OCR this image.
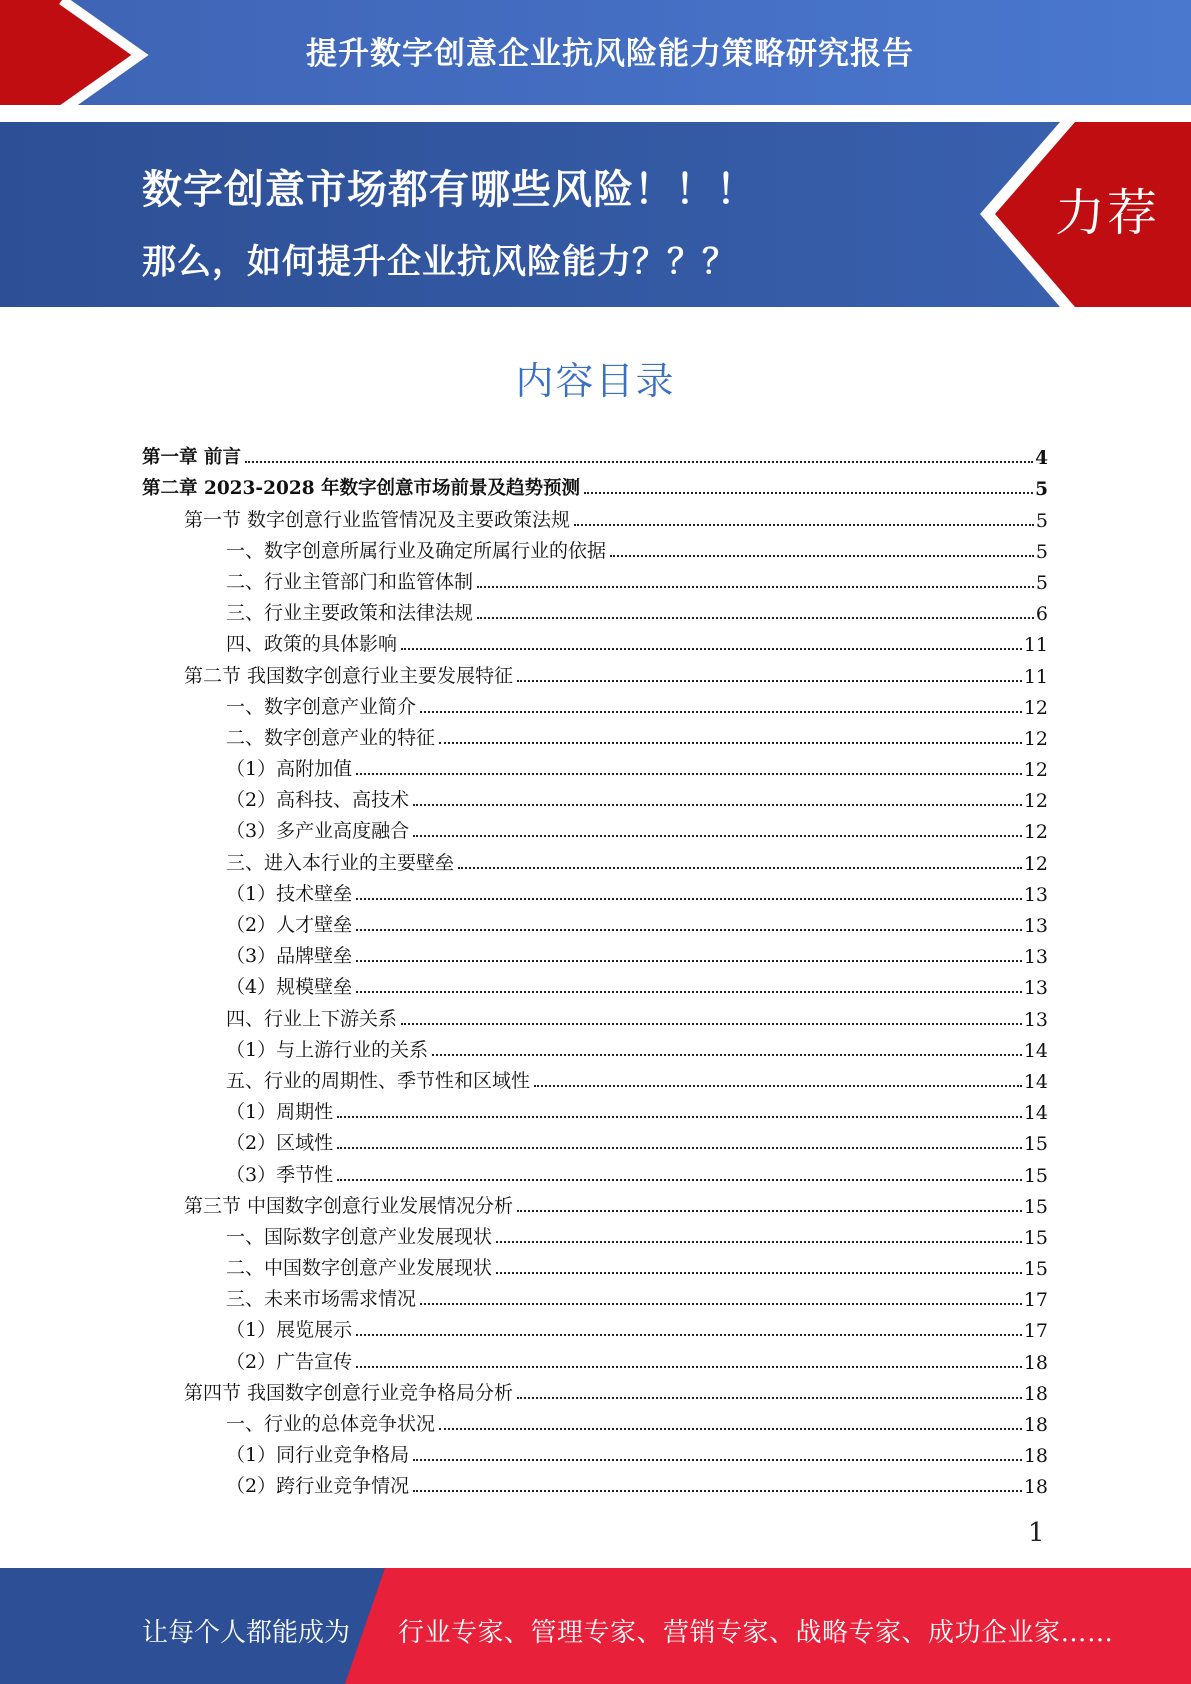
提升数字创意企业抗风险能力策略研究报告
数字创意市场都有哪些风险！！！
那么，如何提升企业抗风险能力？？？
力荐
内容目录
第一章 前言	4
第二章 2023-2028 年数字创意市场前景及趋势预测	5
第一节 数字创意行业监管情况及主要政策法规	5
一、数字创意所属行业及确定所属行业的依据	5
二、行业主管部门和监管体制	5
三、行业主要政策和法律法规	6
四、政策的具体影响	11
第二节 我国数字创意行业主要发展特征	11
一、数字创意产业简介	12
二、数字创意产业的特征	12
（1）高附加值	12
（2）高科技、高技术	12
（3）多产业高度融合	12
三、进入本行业的主要壁垒	12
（1）技术壁垒	13
（2）人才壁垒	13
（3）品牌壁垒	13
（4）规模壁垒	13
四、行业上下游关系	13
（1）与上游行业的关系	14
五、行业的周期性、季节性和区域性	14
（1）周期性	14
（2）区域性	15
（3）季节性	15
第三节 中国数字创意行业发展情况分析	15
一、国际数字创意产业发展现状	15
二、中国数字创意产业发展现状	15
三、未来市场需求情况	17
（1）展览展示	17
（2）广告宣传	18
第四节 我国数字创意行业竞争格局分析	18
一、行业的总体竞争状况	18
（1）同行业竞争格局	18
（2）跨行业竞争情况	18
1
让每个人都能成为 行业专家、管理专家、营销专家、战略专家、成功企业家……
